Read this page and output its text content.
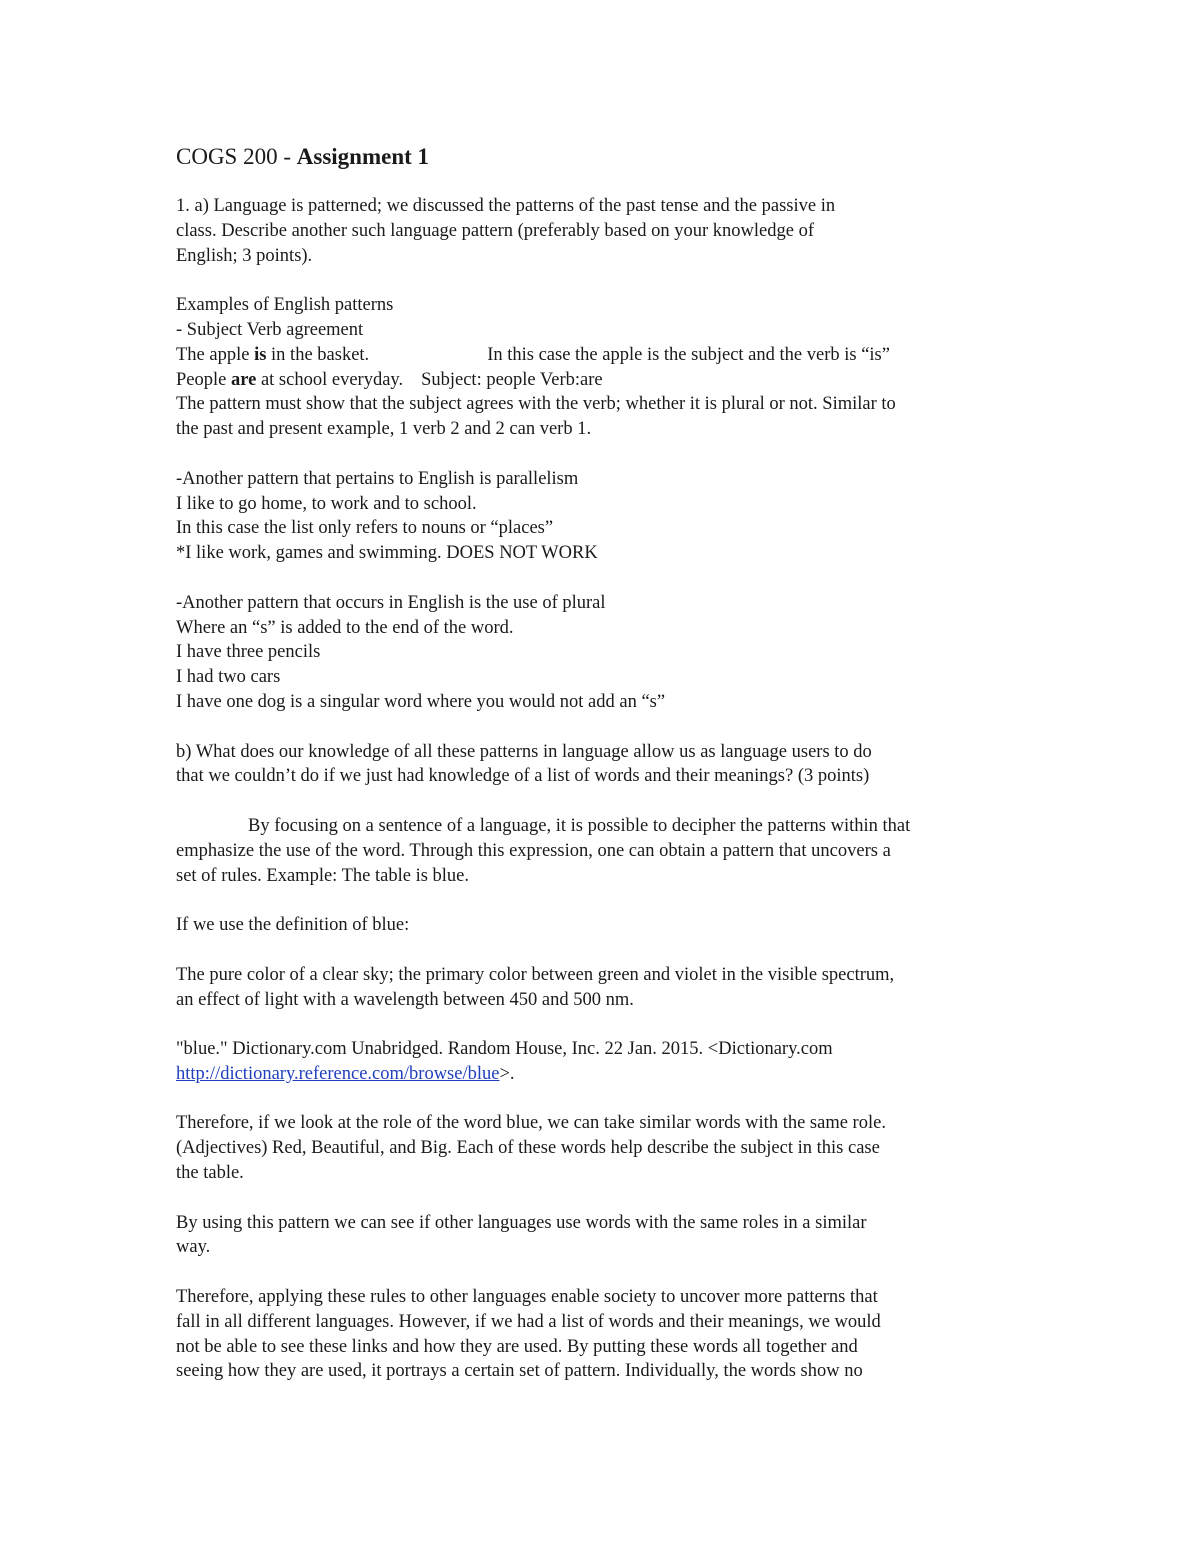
COGS 200 - Assignment 1
1. a) Language is patterned; we discussed the patterns of the past tense and the passive in
class. Describe another such language pattern (preferably based on your knowledge of
English; 3 points).
Examples of English patterns
- Subject Verb agreement
The apple is in the basket.	In this case the apple is the subject and the verb is “is”
People are at school everyday. Subject: people Verb:are
The pattern must show that the subject agrees with the verb; whether it is plural or not. Similar to
the past and present example, 1 verb 2 and 2 can verb 1.
-Another pattern that pertains to English is parallelism
I like to go home, to work and to school.
In this case the list only refers to nouns or “places”
*I like work, games and swimming. DOES NOT WORK
-Another pattern that occurs in English is the use of plural
Where an “s” is added to the end of the word.
I have three pencils
I had two cars
I have one dog is a singular word where you would not add an “s”
b) What does our knowledge of all these patterns in language allow us as language users to do
that we couldn’t do if we just had knowledge of a list of words and their meanings? (3 points)
By focusing on a sentence of a language, it is possible to decipher the patterns within that
emphasize the use of the word. Through this expression, one can obtain a pattern that uncovers a
set of rules. Example: The table is blue.
If we use the definition of blue:
The pure color of a clear sky; the primary color between green and violet in the visible spectrum,
an effect of light with a wavelength between 450 and 500 nm.
"blue." Dictionary.com Unabridged. Random House, Inc. 22 Jan. 2015. <Dictionary.com
http://dictionary.reference.com/browse/blue>.
Therefore, if we look at the role of the word blue, we can take similar words with the same role.
(Adjectives) Red, Beautiful, and Big. Each of these words help describe the subject in this case
the table.
By using this pattern we can see if other languages use words with the same roles in a similar
way.
Therefore, applying these rules to other languages enable society to uncover more patterns that
fall in all different languages. However, if we had a list of words and their meanings, we would
not be able to see these links and how they are used. By putting these words all together and
seeing how they are used, it portrays a certain set of pattern. Individually, the words show no
